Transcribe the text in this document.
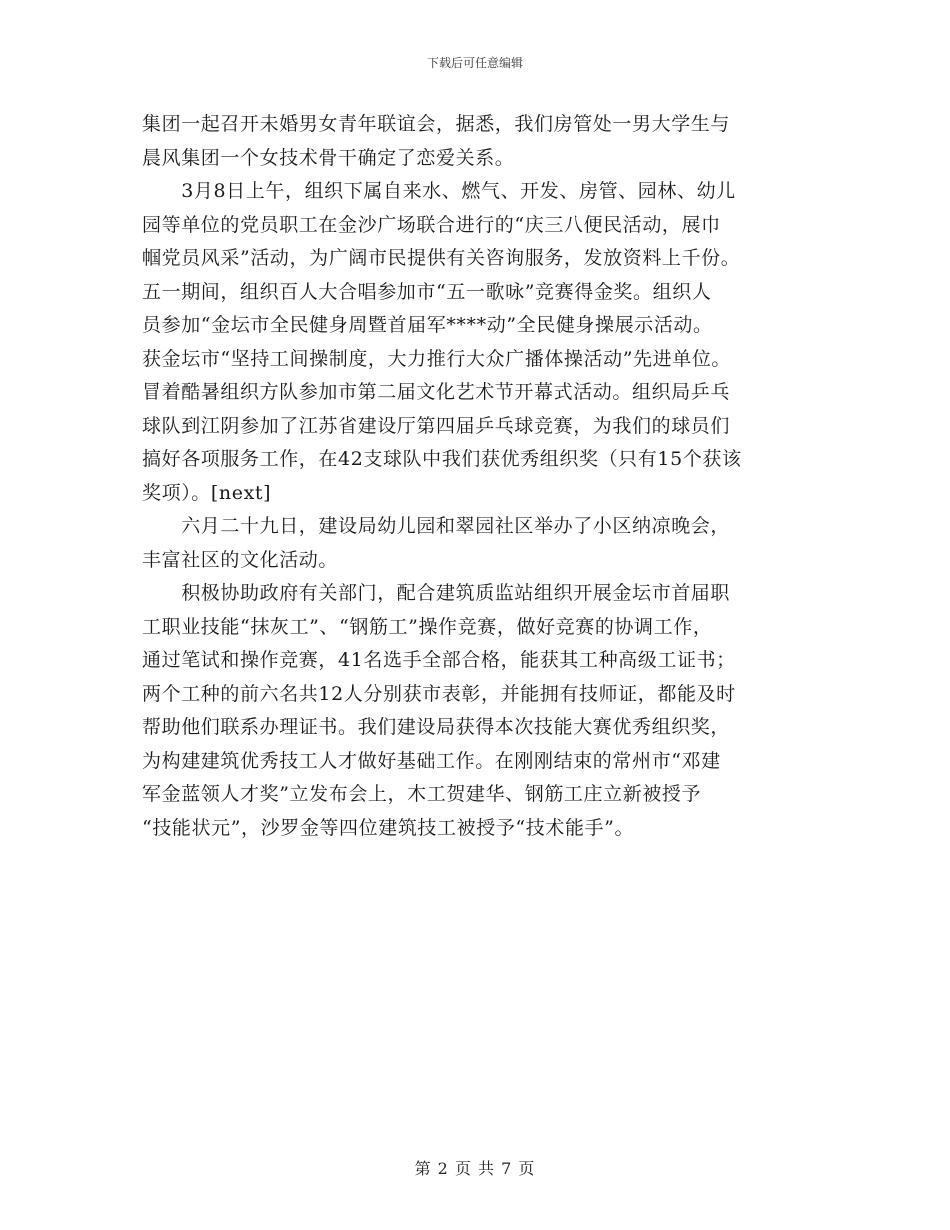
下载后可任意编辑
集团一起召开未婚男女青年联谊会，据悉，我们房管处一男大学生与
晨风集团一个女技术骨干确定了恋爱关系。
　　3月8日上午，组织下属自来水、燃气、开发、房管、园林、幼儿
园等单位的党员职工在金沙广场联合进行的“庆三八便民活动，展巾
帼党员风采”活动，为广阔市民提供有关咨询服务，发放资料上千份。
五一期间，组织百人大合唱参加市“五一歌咏”竞赛得金奖。组织人
员参加“金坛市全民健身周暨首届军****动”全民健身操展示活动。
获金坛市“坚持工间操制度，大力推行大众广播体操活动”先进单位。
冒着酷暑组织方队参加市第二届文化艺术节开幕式活动。组织局乒乓
球队到江阴参加了江苏省建设厅第四届乒乓球竞赛，为我们的球员们
搞好各项服务工作，在42支球队中我们获优秀组织奖（只有15个获该
奖项）。[next]
　　六月二十九日，建设局幼儿园和翠园社区举办了小区纳凉晚会，
丰富社区的文化活动。
　　积极协助政府有关部门，配合建筑质监站组织开展金坛市首届职
工职业技能“抹灰工”、“钢筋工”操作竞赛，做好竞赛的协调工作，
通过笔试和操作竞赛，41名选手全部合格，能获其工种高级工证书；
两个工种的前六名共12人分别获市表彰，并能拥有技师证，都能及时
帮助他们联系办理证书。我们建设局获得本次技能大赛优秀组织奖，
为构建建筑优秀技工人才做好基础工作。在刚刚结束的常州市“邓建
军金蓝领人才奖”立发布会上，木工贺建华、钢筋工庄立新被授予
“技能状元”，沙罗金等四位建筑技工被授予“技术能手”。
第 2 页 共 7 页
